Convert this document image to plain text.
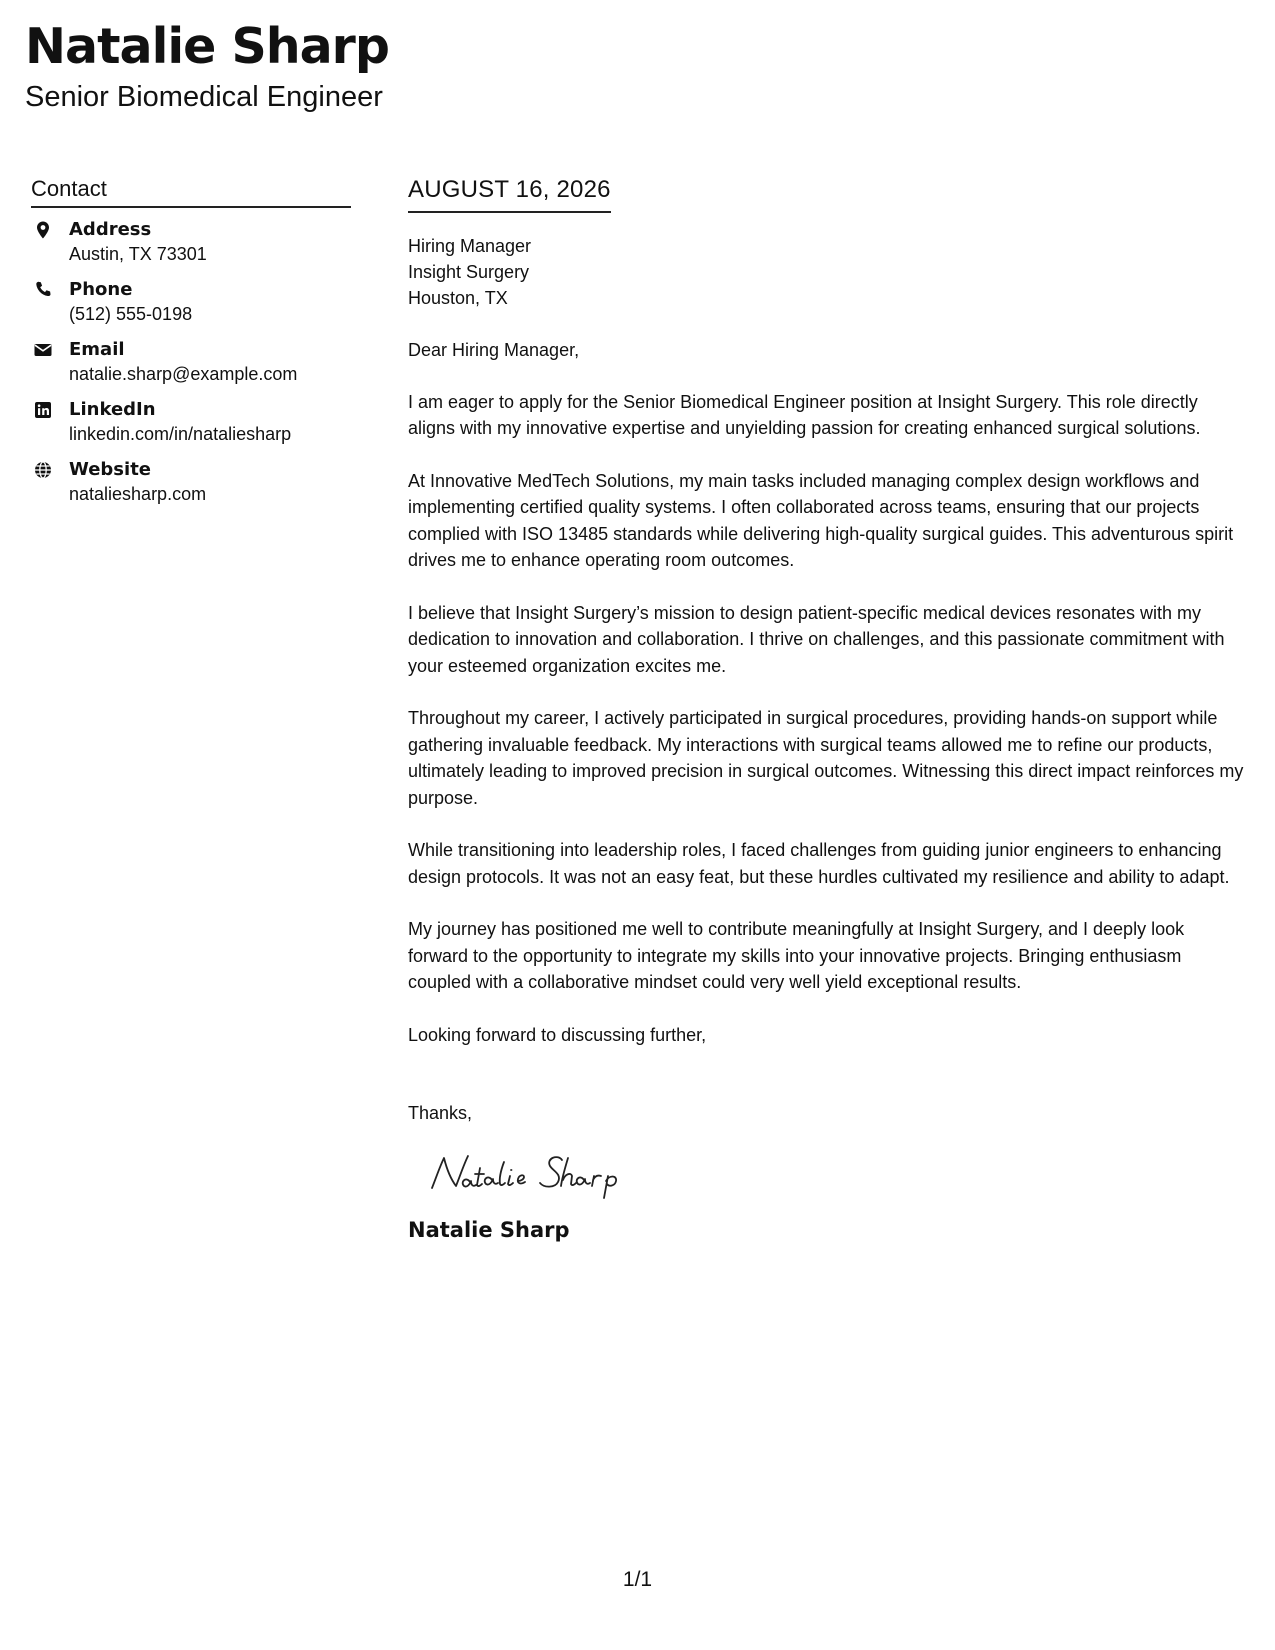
Natalie Sharp
Senior Biomedical Engineer
Contact
Address
Austin, TX 73301
Phone
(512) 555-0198
Email
natalie.sharp@example.com
LinkedIn
linkedin.com/in/nataliesharp
Website
nataliesharp.com
AUGUST 16, 2026
Hiring Manager
Insight Surgery
Houston, TX
Dear Hiring Manager,
I am eager to apply for the Senior Biomedical Engineer position at Insight Surgery. This role directly aligns with my innovative expertise and unyielding passion for creating enhanced surgical solutions.
At Innovative MedTech Solutions, my main tasks included managing complex design workflows and implementing certified quality systems. I often collaborated across teams, ensuring that our projects complied with ISO 13485 standards while delivering high-quality surgical guides. This adventurous spirit drives me to enhance operating room outcomes.
I believe that Insight Surgery’s mission to design patient-specific medical devices resonates with my dedication to innovation and collaboration. I thrive on challenges, and this passionate commitment with your esteemed organization excites me.
Throughout my career, I actively participated in surgical procedures, providing hands-on support while gathering invaluable feedback. My interactions with surgical teams allowed me to refine our products, ultimately leading to improved precision in surgical outcomes. Witnessing this direct impact reinforces my purpose.
While transitioning into leadership roles, I faced challenges from guiding junior engineers to enhancing design protocols. It was not an easy feat, but these hurdles cultivated my resilience and ability to adapt.
My journey has positioned me well to contribute meaningfully at Insight Surgery, and I deeply look forward to the opportunity to integrate my skills into your innovative projects. Bringing enthusiasm coupled with a collaborative mindset could very well yield exceptional results.
Looking forward to discussing further,
Thanks,
Natalie Sharp
1/1
